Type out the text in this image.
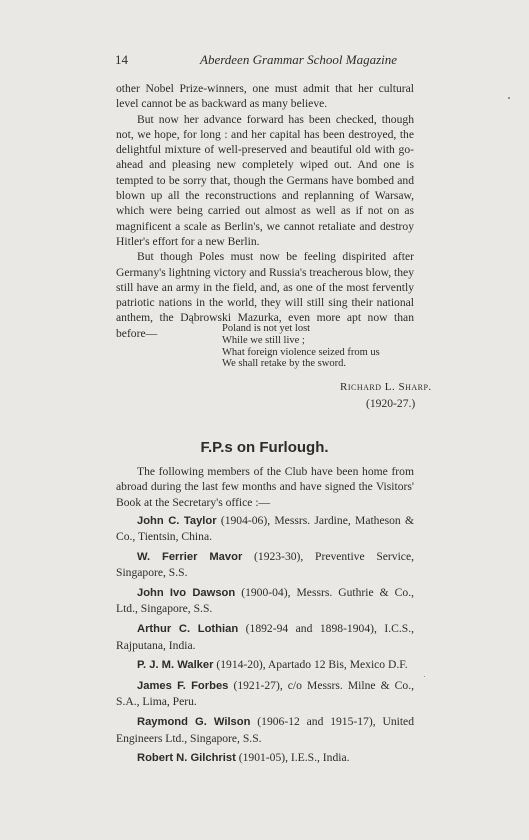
14	Aberdeen Grammar School Magazine

other Nobel Prize-winners, one must admit that her cultural level cannot be as backward as many believe.

But now her advance forward has been checked, though not, we hope, for long : and her capital has been destroyed, the delightful mixture of well-preserved and beautiful old with go-ahead and pleasing new completely wiped out. And one is tempted to be sorry that, though the Germans have bombed and blown up all the reconstructions and replanning of Warsaw, which were being carried out almost as well as if not on as magnificent a scale as Berlin's, we cannot retaliate and destroy Hitler's effort for a new Berlin.

But though Poles must now be feeling dispirited after Germany's lightning victory and Russia's treacherous blow, they still have an army in the field, and, as one of the most fervently patriotic nations in the world, they will still sing their national anthem, the Dąbrowski Mazurka, even more apt now than before—	Poland is not yet lost
While we still live ;
What foreign violence seized from us
We shall retake by the sword.
Richard L. Sharp.
(1920-27.)
F.P.s on Furlough.

The following members of the Club have been home from abroad during the last few months and have signed the Visitors' Book at the Secretary's office :—

John C. Taylor (1904-06), Messrs. Jardine, Matheson & Co., Tientsin, China.

W. Ferrier Mavor (1923-30), Preventive Service, Singapore, S.S.

John Ivo Dawson (1900-04), Messrs. Guthrie & Co., Ltd., Singapore, S.S.

Arthur C. Lothian (1892-94 and 1898-1904), I.C.S., Rajputana, India.

P. J. M. Walker (1914-20), Apartado 12 Bis, Mexico D.F.

James F. Forbes (1921-27), c/o Messrs. Milne & Co., S.A., Lima, Peru.

Raymond G. Wilson (1906-12 and 1915-17), United Engineers Ltd., Singapore, S.S.

Robert N. Gilchrist (1901-05), I.E.S., India.
